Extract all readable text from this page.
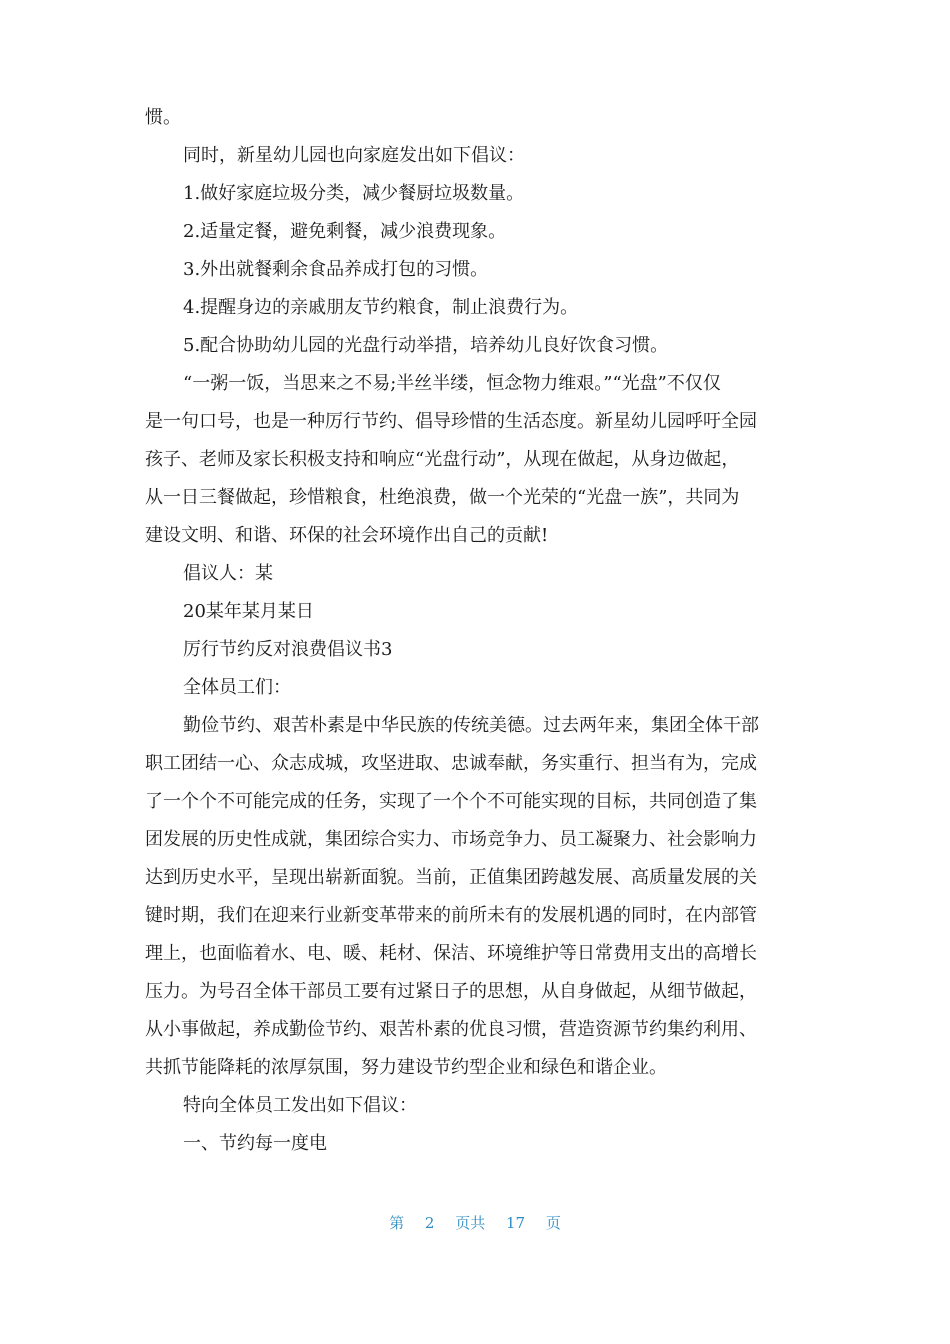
惯。
同时，新星幼儿园也向家庭发出如下倡议：
1.做好家庭垃圾分类，减少餐厨垃圾数量。
2.适量定餐，避免剩餐，减少浪费现象。
3.外出就餐剩余食品养成打包的习惯。
4.提醒身边的亲戚朋友节约粮食，制止浪费行为。
5.配合协助幼儿园的光盘行动举措，培养幼儿良好饮食习惯。
“一粥一饭，当思来之不易;半丝半缕，恒念物力维艰。”“光盘”不仅仅
是一句口号，也是一种厉行节约、倡导珍惜的生活态度。新星幼儿园呼吁全园
孩子、老师及家长积极支持和响应“光盘行动”，从现在做起，从身边做起，
从一日三餐做起，珍惜粮食，杜绝浪费，做一个光荣的“光盘一族”，共同为
建设文明、和谐、环保的社会环境作出自己的贡献!
倡议人：某
20某年某月某日
厉行节约反对浪费倡议书3
全体员工们：
勤俭节约、艰苦朴素是中华民族的传统美德。过去两年来，集团全体干部
职工团结一心、众志成城，攻坚进取、忠诚奉献，务实重行、担当有为，完成
了一个个不可能完成的任务，实现了一个个不可能实现的目标，共同创造了集
团发展的历史性成就，集团综合实力、市场竞争力、员工凝聚力、社会影响力
达到历史水平，呈现出崭新面貌。当前，正值集团跨越发展、高质量发展的关
键时期，我们在迎来行业新变革带来的前所未有的发展机遇的同时，在内部管
理上，也面临着水、电、暖、耗材、保洁、环境维护等日常费用支出的高增长
压力。为号召全体干部员工要有过紧日子的思想，从自身做起，从细节做起，
从小事做起，养成勤俭节约、艰苦朴素的优良习惯，营造资源节约集约利用、
共抓节能降耗的浓厚氛围，努力建设节约型企业和绿色和谐企业。
特向全体员工发出如下倡议：
一、节约每一度电
第 2 页共 17 页
